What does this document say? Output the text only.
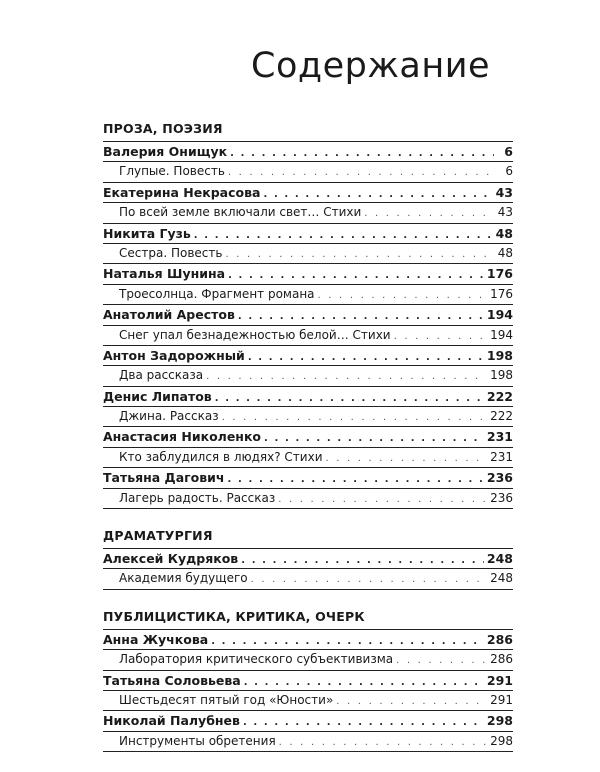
Содержание
ПРОЗА, ПОЭЗИЯ
Валерия Онищук . . .	6
Глупые. Повесть . . .	6
Екатерина Некрасова . . .	43
По всей земле включали свет… Стихи . . .	43
Никита Гузь . . .	48
Сестра. Повесть . . .	48
Наталья Шунина . . .	176
Троесолнца. Фрагмент романа . . .	176
Анатолий Арестов . . .	194
Снег упал безнадежностью белой… Стихи . . .	194
Антон Задорожный . . .	198
Два рассказа . . .	198
Денис Липатов . . .	222
Джина. Рассказ . . .	222
Анастасия Николенко . . .	231
Кто заблудился в людях? Стихи . . .	231
Татьяна Дагович . . .	236
Лагерь радость. Рассказ . . .	236
ДРАМАТУРГИЯ
Алексей Кудряков . . .	248
Академия будущего . . .	248
ПУБЛИЦИСТИКА, КРИТИКА, ОЧЕРК
Анна Жучкова . . .	286
Лаборатория критического субъективизма . . .	286
Татьяна Соловьева . . .	291
Шестьдесят пятый год «Юности» . . .	291
Николай Палубнев . . .	298
Инструменты обретения . . .	298
